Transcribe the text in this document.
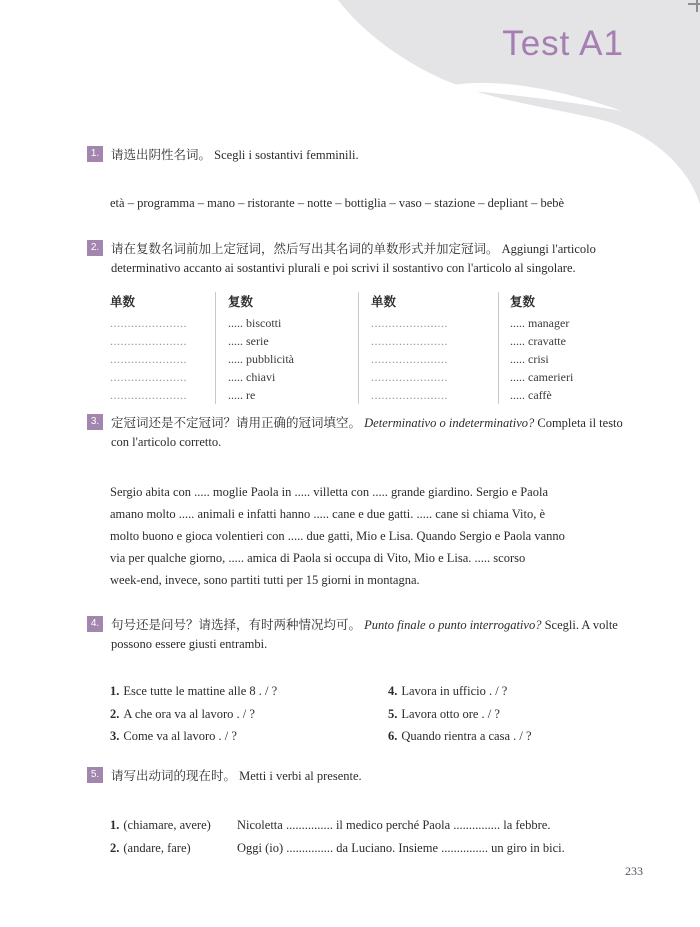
Test A1
1. 请选出阴性名词。 Scegli i sostantivi femminili.
età – programma – mano – ristorante – notte – bottiglia – vaso – stazione – depliant – bebè
2. 请在复数名词前加上定冠词，然后写出其名词的单数形式并加定冠词。 Aggiungi l'articolo determinativo accanto ai sostantivi plurali e poi scrivi il sostantivo con l'articolo al singolare.
单数
......................
......................
......................
......................
......................
复数
..... biscotti
..... serie
..... pubblicità
..... chiavi
..... re
单数
......................
......................
......................
......................
......................
复数
..... manager
..... cravatte
..... crisi
..... camerieri
..... caffè
3. 定冠词还是不定冠词？请用正确的冠词填空。 Determinativo o indeterminativo? Completa il testo con l'articolo corretto.
Sergio abita con ..... moglie Paola in ..... villetta con ..... grande giardino. Sergio e Paola
amano molto ..... animali e infatti hanno ..... cane e due gatti. ..... cane si chiama Vito, è
molto buono e gioca volentieri con ..... due gatti, Mio e Lisa. Quando Sergio e Paola vanno
via per qualche giorno, ..... amica di Paola si occupa di Vito, Mio e Lisa. ..... scorso
week-end, invece, sono partiti tutti per 15 giorni in montagna.
4. 句号还是问号？请选择，有时两种情况均可。 Punto finale o punto interrogativo? Scegli. A volte possono essere giusti entrambi.
1. Esce tutte le mattine alle 8 . / ?
2. A che ora va al lavoro . / ?
3. Come va al lavoro . / ?
4. Lavora in ufficio . / ?
5. Lavora otto ore . / ?
6. Quando rientra a casa . / ?
5. 请写出动词的现在时。 Metti i verbi al presente.
1. (chiamare, avere)	Nicoletta ............... il medico perché Paola ............... la febbre.
2. (andare, fare)	Oggi (io) ............... da Luciano. Insieme ............... un giro in bici.
233
